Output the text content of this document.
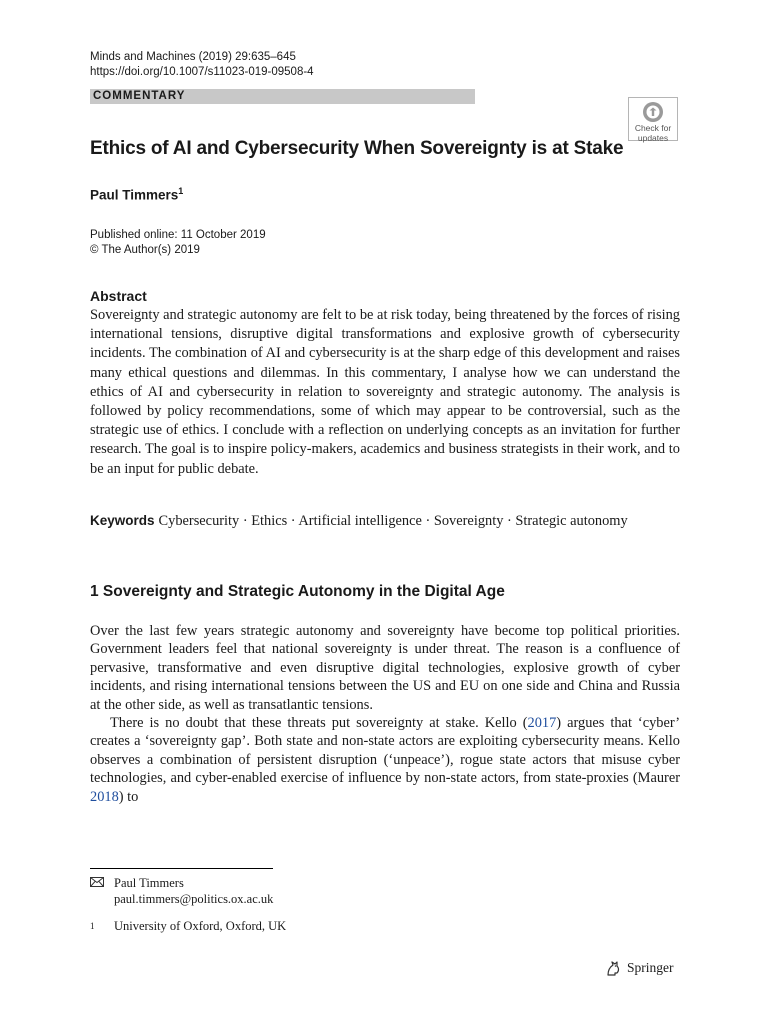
Minds and Machines (2019) 29:635–645
https://doi.org/10.1007/s11023-019-09508-4
COMMENTARY
Check for
updates
Ethics of AI and Cybersecurity When Sovereignty is at Stake
Paul Timmers$^1$
Published online: 11 October 2019
© The Author(s) 2019
Abstract

Sovereignty and strategic autonomy are felt to be at risk today, being threatened by the forces of rising international tensions, disruptive digital transformations and explosive growth of cybersecurity incidents. The combination of AI and cybersecurity is at the sharp edge of this development and raises many ethical questions and dilemmas. In this commentary, I analyse how we can understand the ethics of AI and cybersecurity in relation to sovereignty and strategic autonomy. The analysis is followed by policy recommendations, some of which may appear to be controversial, such as the strategic use of ethics. I conclude with a reflection on underlying concepts as an invitation for further research. The goal is to inspire policy-makers, academics and business strategists in their work, and to be an input for public debate.

Keywords Cybersecurity · Ethics · Artificial intelligence · Sovereignty · Strategic autonomy
1 Sovereignty and Strategic Autonomy in the Digital Age

Over the last few years strategic autonomy and sovereignty have become top political priorities. Government leaders feel that national sovereignty is under threat. The reason is a confluence of pervasive, transformative and even disruptive digital technologies, explosive growth of cyber incidents, and rising international tensions between the US and EU on one side and China and Russia at the other side, as well as transatlantic tensions.

There is no doubt that these threats put sovereignty at stake. Kello (2017) argues that ‘cyber’ creates a ‘sovereignty gap’. Both state and non-state actors are exploiting cybersecurity means. Kello observes a combination of persistent disruption (‘unpeace’), rogue state actors that misuse cyber technologies, and cyber-enabled exercise of influence by non-state actors, from state-proxies (Maurer 2018) to

Paul Timmers
paul.timmers@politics.ox.ac.uk
1 University of Oxford, Oxford, UK
Springer
